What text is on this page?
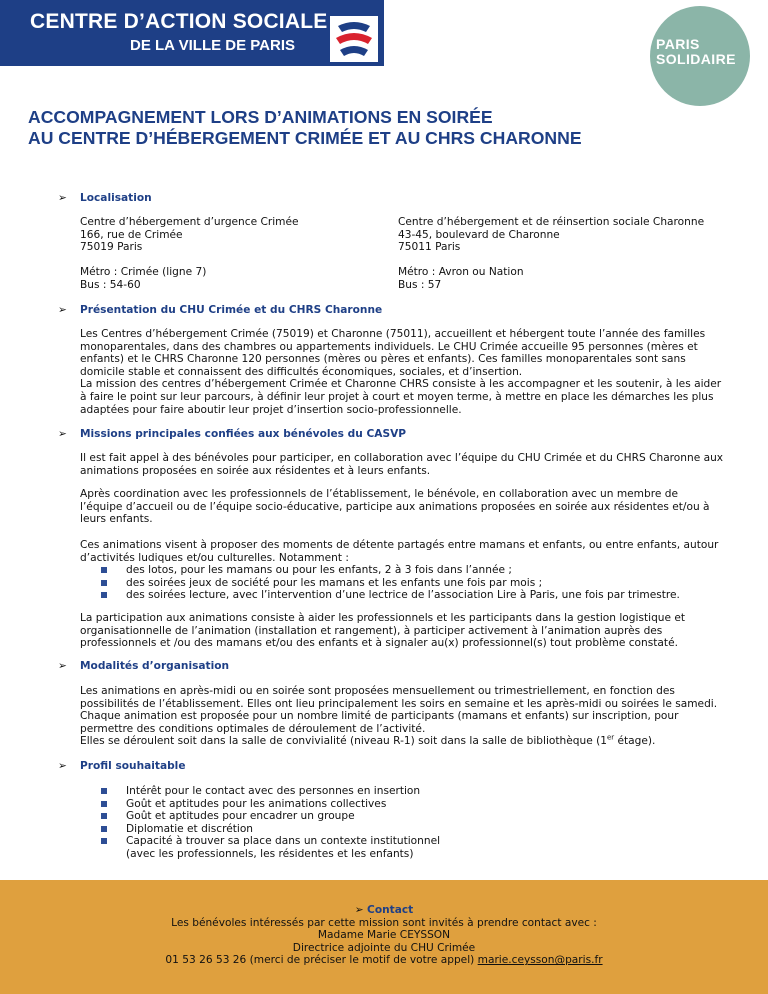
CENTRE D’ACTION SOCIALE
DE LA VILLE DE PARIS	PARIS
SOLIDAIRE
ACCOMPAGNEMENT LORS D’ANIMATIONS EN SOIRÉE
AU CENTRE D’HÉBERGEMENT CRIMÉE ET AU CHRS CHARONNE
➢ Localisation

Centre d’hébergement d’urgence Crimée

166, rue de Crimée

75019 Paris

Centre d’hébergement et de réinsertion sociale Charonne

43-45, boulevard de Charonne

75011 Paris

Métro : Crimée (ligne 7)

Bus : 54-60

Métro : Avron ou Nation

Bus : 57

➢ Présentation du CHU Crimée et du CHRS Charonne

Les Centres d’hébergement Crimée (75019) et Charonne (75011), accueillent et hébergent toute l’année des familles

monoparentales, dans des chambres ou appartements individuels. Le CHU Crimée accueille 95 personnes (mères et

enfants) et le CHRS Charonne 120 personnes (mères ou pères et enfants). Ces familles monoparentales sont sans

domicile stable et connaissent des difficultés économiques, sociales, et d’insertion.

La mission des centres d’hébergement Crimée et Charonne CHRS consiste à les accompagner et les soutenir, à les aider

à faire le point sur leur parcours, à définir leur projet à court et moyen terme, à mettre en place les démarches les plus

adaptées pour faire aboutir leur projet d’insertion socio-professionnelle.

➢ Missions principales confiées aux bénévoles du CASVP

Il est fait appel à des bénévoles pour participer, en collaboration avec l’équipe du CHU Crimée et du CHRS Charonne aux

animations proposées en soirée aux résidentes et à leurs enfants.

Après coordination avec les professionnels de l’établissement, le bénévole, en collaboration avec un membre de

l’équipe d’accueil ou de l’équipe socio-éducative, participe aux animations proposées en soirée aux résidentes et/ou à

leurs enfants.

Ces animations visent à proposer des moments de détente partagés entre mamans et enfants, ou entre enfants, autour

d’activités ludiques et/ou culturelles. Notamment :

des lotos, pour les mamans ou pour les enfants, 2 à 3 fois dans l’année ;
des soirées jeux de société pour les mamans et les enfants une fois par mois ;
des soirées lecture, avec l’intervention d’une lectrice de l’association Lire à Paris, une fois par trimestre.

La participation aux animations consiste à aider les professionnels et les participants dans la gestion logistique et

organisationnelle de l’animation (installation et rangement), à participer activement à l’animation auprès des

professionnels et /ou des mamans et/ou des enfants et à signaler au(x) professionnel(s) tout problème constaté.

➢ Modalités d’organisation

Les animations en après-midi ou en soirée sont proposées mensuellement ou trimestriellement, en fonction des

possibilités de l’établissement. Elles ont lieu principalement les soirs en semaine et les après-midi ou soirées le samedi.

Chaque animation est proposée pour un nombre limité de participants (mamans et enfants) sur inscription, pour

permettre des conditions optimales de déroulement de l’activité.

Elles se déroulent soit dans la salle de convivialité (niveau R-1) soit dans la salle de bibliothèque (1er étage).

➢ Profil souhaitable
Intérêt pour le contact avec des personnes en insertion
Goût et aptitudes pour les animations collectives
Goût et aptitudes pour encadrer un groupe
Diplomatie et discrétion
Capacité à trouver sa place dans un contexte institutionnel
(avec les professionnels, les résidentes et les enfants)
➢ Contact

Les bénévoles intéressés par cette mission sont invités à prendre contact avec :

Madame Marie CEYSSON

Directrice adjointe du CHU Crimée

01 53 26 53 26 (merci de préciser le motif de votre appel) marie.ceysson@paris.fr
